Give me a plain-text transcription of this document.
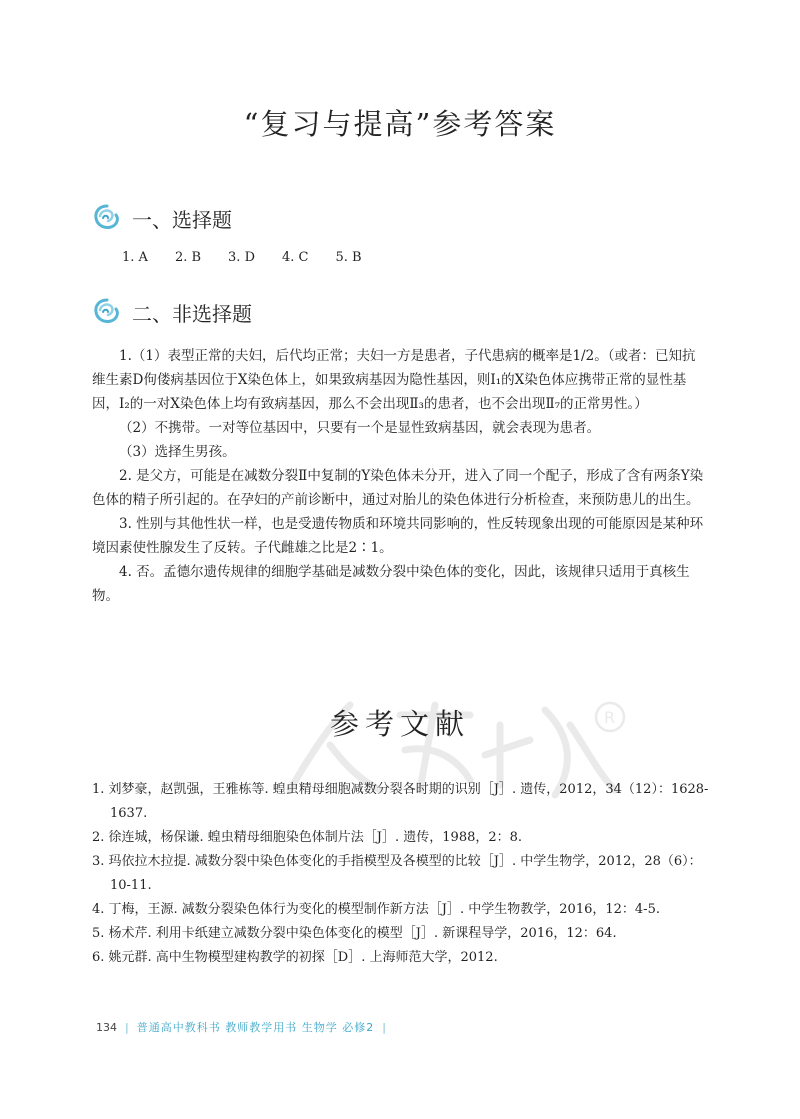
“复习与提高”参考答案
一、选择题
1. A 2. B 3. D 4. C 5. B
二、非选择题

1.（1）表型正常的夫妇，后代均正常；夫妇一方是患者，子代患病的概率是1/2。（或者：已知抗维生素D佝偻病基因位于X染色体上，如果致病基因为隐性基因，则Ⅰ₁的X染色体应携带正常的显性基因，Ⅰ₂的一对X染色体上均有致病基因，那么不会出现Ⅱ₃的患者，也不会出现Ⅱ₇的正常男性。）

（2）不携带。一对等位基因中，只要有一个是显性致病基因，就会表现为患者。

（3）选择生男孩。

2. 是父方，可能是在减数分裂Ⅱ中复制的Y染色体未分开，进入了同一个配子，形成了含有两条Y染色体的精子所引起的。在孕妇的产前诊断中，通过对胎儿的染色体进行分析检查，来预防患儿的出生。

3. 性别与其他性状一样，也是受遗传物质和环境共同影响的，性反转现象出现的可能原因是某种环境因素使性腺发生了反转。子代雌雄之比是2∶1。

4. 否。孟德尔遗传规律的细胞学基础是减数分裂中染色体的变化，因此，该规律只适用于真核生物。

R
参考文献
1. 刘梦豪，赵凯强，王雅栋等. 蝗虫精母细胞减数分裂各时期的识别［J］. 遗传，2012，34（12）：1628-1637.
2. 徐连城，杨保谦. 蝗虫精母细胞染色体制片法［J］. 遗传，1988，2：8.
3. 玛依拉木拉提. 减数分裂中染色体变化的手指模型及各模型的比较［J］. 中学生物学，2012，28（6）：10-11.
4. 丁梅，王源. 减数分裂染色体行为变化的模型制作新方法［J］. 中学生物教学，2016，12：4-5.
5. 杨术芹. 利用卡纸建立减数分裂中染色体变化的模型［J］. 新课程导学，2016，12：64.
6. 姚元群. 高中生物模型建构教学的初探［D］. 上海师范大学，2012.
134 | 普通高中教科书 教师教学用书 生物学 必修2 |
